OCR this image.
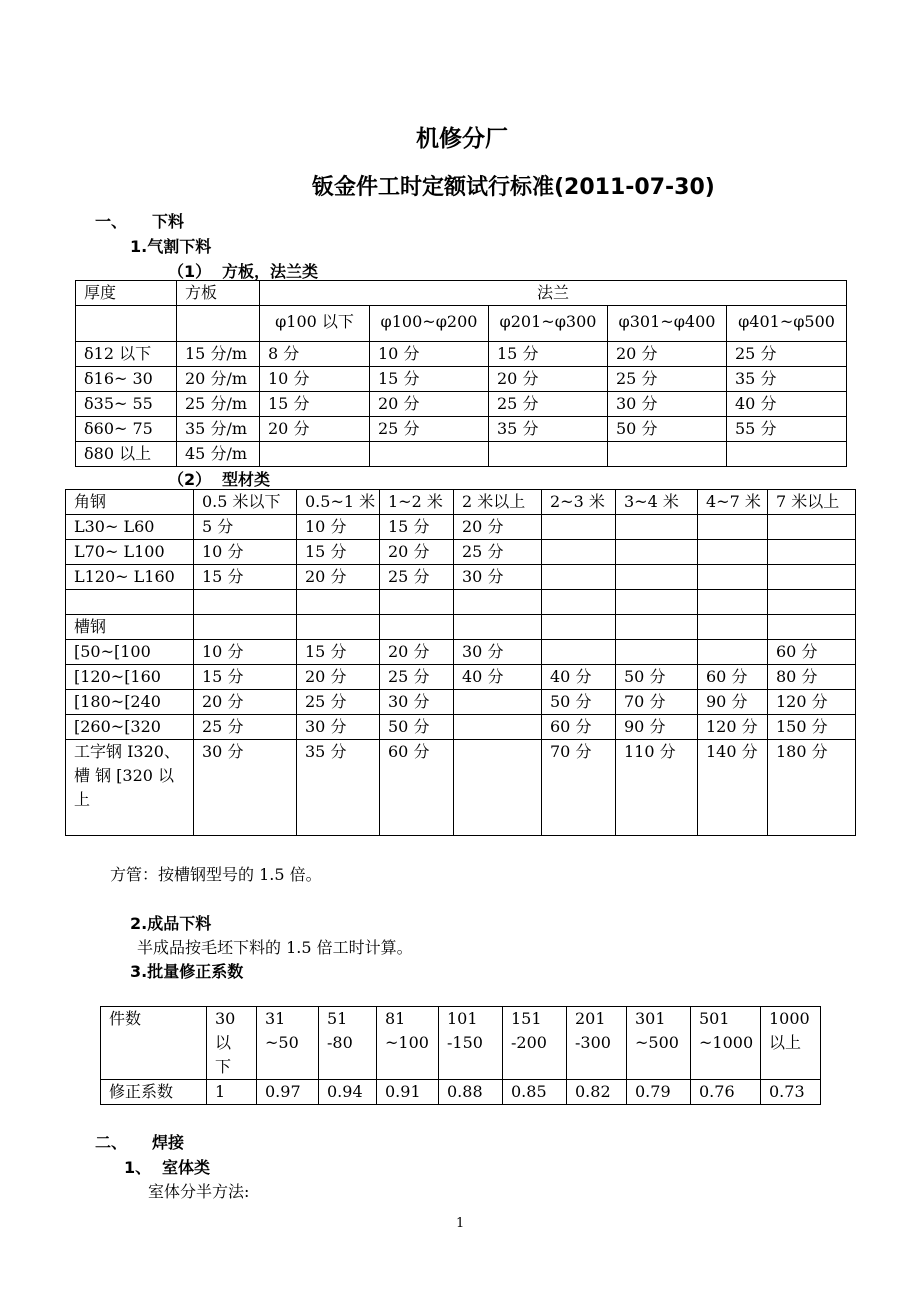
机修分厂
钣金件工时定额试行标准(2011-07-30)
一、 下料
1.气割下料
（1） 方板，法兰类
厚度	方板	法兰				
		φ100 以下	φ100~φ200	φ201~φ300	φ301~φ400	φ401~φ500
δ12 以下	15 分/m	8 分	10 分	15 分	20 分	25 分
δ16~ 30	20 分/m	10 分	15 分	20 分	25 分	35 分
δ35~ 55	25 分/m	15 分	20 分	25 分	30 分	40 分
δ60~ 75	35 分/m	20 分	25 分	35 分	50 分	55 分
δ80 以上	45 分/m					
（2） 型材类
角钢	0.5 米以下	0.5~1 米	1~2 米	2 米以上	2~3 米	3~4 米	4~7 米	7 米以上
L30~ L60	5 分	10 分	15 分	20 分				
L70~ L100	10 分	15 分	20 分	25 分				
L120~ L160	15 分	20 分	25 分	30 分				

槽钢								
[50~[100	10 分	15 分	20 分	30 分				60 分
[120~[160	15 分	20 分	25 分	40 分	40 分	50 分	60 分	80 分
[180~[240	20 分	25 分	30 分		50 分	70 分	90 分	120 分
[260~[320	25 分	30 分	50 分		60 分	90 分	120 分	150 分
工字钢 Ⅰ320、槽 钢 [320 以上	30 分	35 分	60 分		70 分	110 分	140 分	180 分
方管：按槽钢型号的 1.5 倍。
2.成品下料
半成品按毛坯下料的 1.5 倍工时计算。
3.批量修正系数
件数	30 以 下	31 ~50	51 -80	81 ~100	101 -150	151 -200	201 -300	301 ~500	501 ~1000	1000 以上
修正系数	1	0.97	0.94	0.91	0.88	0.85	0.82	0.79	0.76	0.73
二、 焊接
1、 室体类
室体分半方法:
1
